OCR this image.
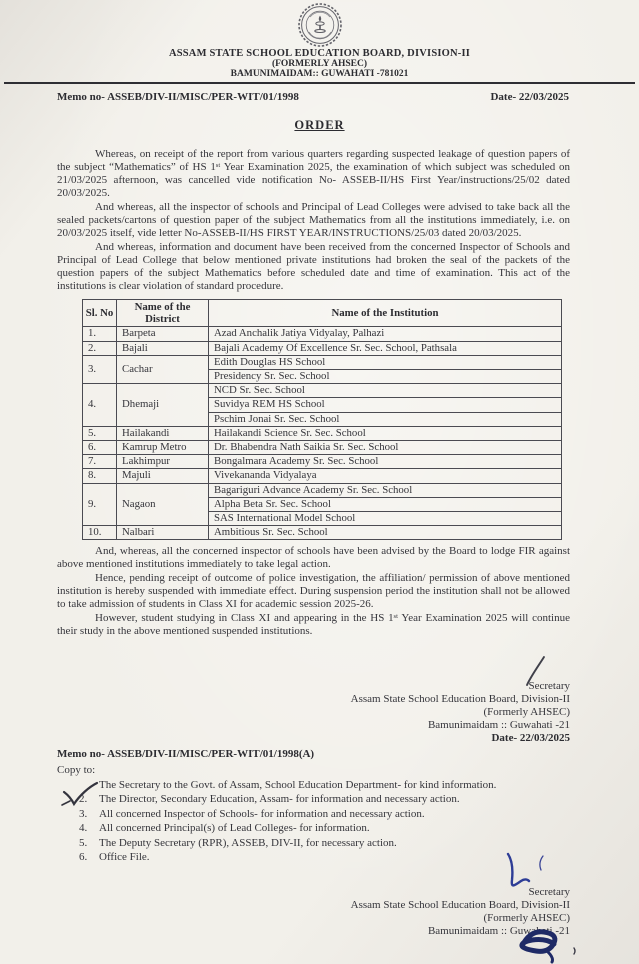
ASSAM STATE SCHOOL EDUCATION BOARD, DIVISION-II
(FORMERLY AHSEC)
BAMUNIMAIDAM:: GUWAHATI -781021
Memo no- ASSEB/DIV-II/MISC/PER-WIT/01/1998	Date- 22/03/2025
ORDER

Whereas, on receipt of the report from various quarters regarding suspected leakage of question papers of the subject “Mathematics” of HS 1ˢᵗ Year Examination 2025, the examination of which subject was scheduled on 21/03/2025 afternoon, was cancelled vide notification No- ASSEB-II/HS First Year/instructions/25/02 dated 20/03/2025.

And whereas, all the inspector of schools and Principal of Lead Colleges were advised to take back all the sealed packets/cartons of question paper of the subject Mathematics from all the institutions immediately, i.e. on 20/03/2025 itself, vide letter No-ASSEB-II/HS FIRST YEAR/INSTRUCTIONS/25/03 dated 20/03/2025.

And whereas, information and document have been received from the concerned Inspector of Schools and Principal of Lead College that below mentioned private institutions had broken the seal of the packets of the question papers of the subject Mathematics before scheduled date and time of examination. This act of the institutions is clear violation of standard procedure.

Sl. No	Name of the District	Name of the Institution
1.	Barpeta	Azad Anchalik Jatiya Vidyalay, Palhazi
2.	Bajali	Bajali Academy Of Excellence Sr. Sec. School, Pathsala
3.	Cachar	Edith Douglas HS School
		Presidency Sr. Sec. School
4.	Dhemaji	NCD Sr. Sec. School
		Suvidya REM HS School
		Pschim Jonai Sr. Sec. School
5.	Hailakandi	Hailakandi Science Sr. Sec. School
6.	Kamrup Metro	Dr. Bhabendra Nath Saikia Sr. Sec. School
7.	Lakhimpur	Bongalmara Academy Sr. Sec. School
8.	Majuli	Vivekananda Vidyalaya
9.	Nagaon	Bagariguri Advance Academy Sr. Sec. School
		Alpha Beta Sr. Sec. School
		SAS International Model School
10.	Nalbari	Ambitious Sr. Sec. School

And, whereas, all the concerned inspector of schools have been advised by the Board to lodge FIR against above mentioned institutions immediately to take legal action.

Hence, pending receipt of outcome of police investigation, the affiliation/ permission of above mentioned institution is hereby suspended with immediate effect. During suspension period the institution shall not be allowed to take admission of students in Class XI for academic session 2025-26.

However, student studying in Class XI and appearing in the HS 1ˢᵗ Year Examination 2025 will continue their study in the above mentioned suspended institutions.

Secretary
Assam State School Education Board, Division-II
(Formerly AHSEC)
Bamunimaidam :: Guwahati -21
Date- 22/03/2025
Memo no- ASSEB/DIV-II/MISC/PER-WIT/01/1998(A)
Copy to:
The Secretary to the Govt. of Assam, School Education Department- for kind information.
2.	The Director, Secondary Education, Assam- for information and necessary action.
3.	All concerned Inspector of Schools- for information and necessary action.
4.	All concerned Principal(s) of Lead Colleges- for information.
5.	The Deputy Secretary (RPR), ASSEB, DIV-II, for necessary action.
6.	Office File.
Secretary
Assam State School Education Board, Division-II
(Formerly AHSEC)
Bamunimaidam :: Guwahati -21
